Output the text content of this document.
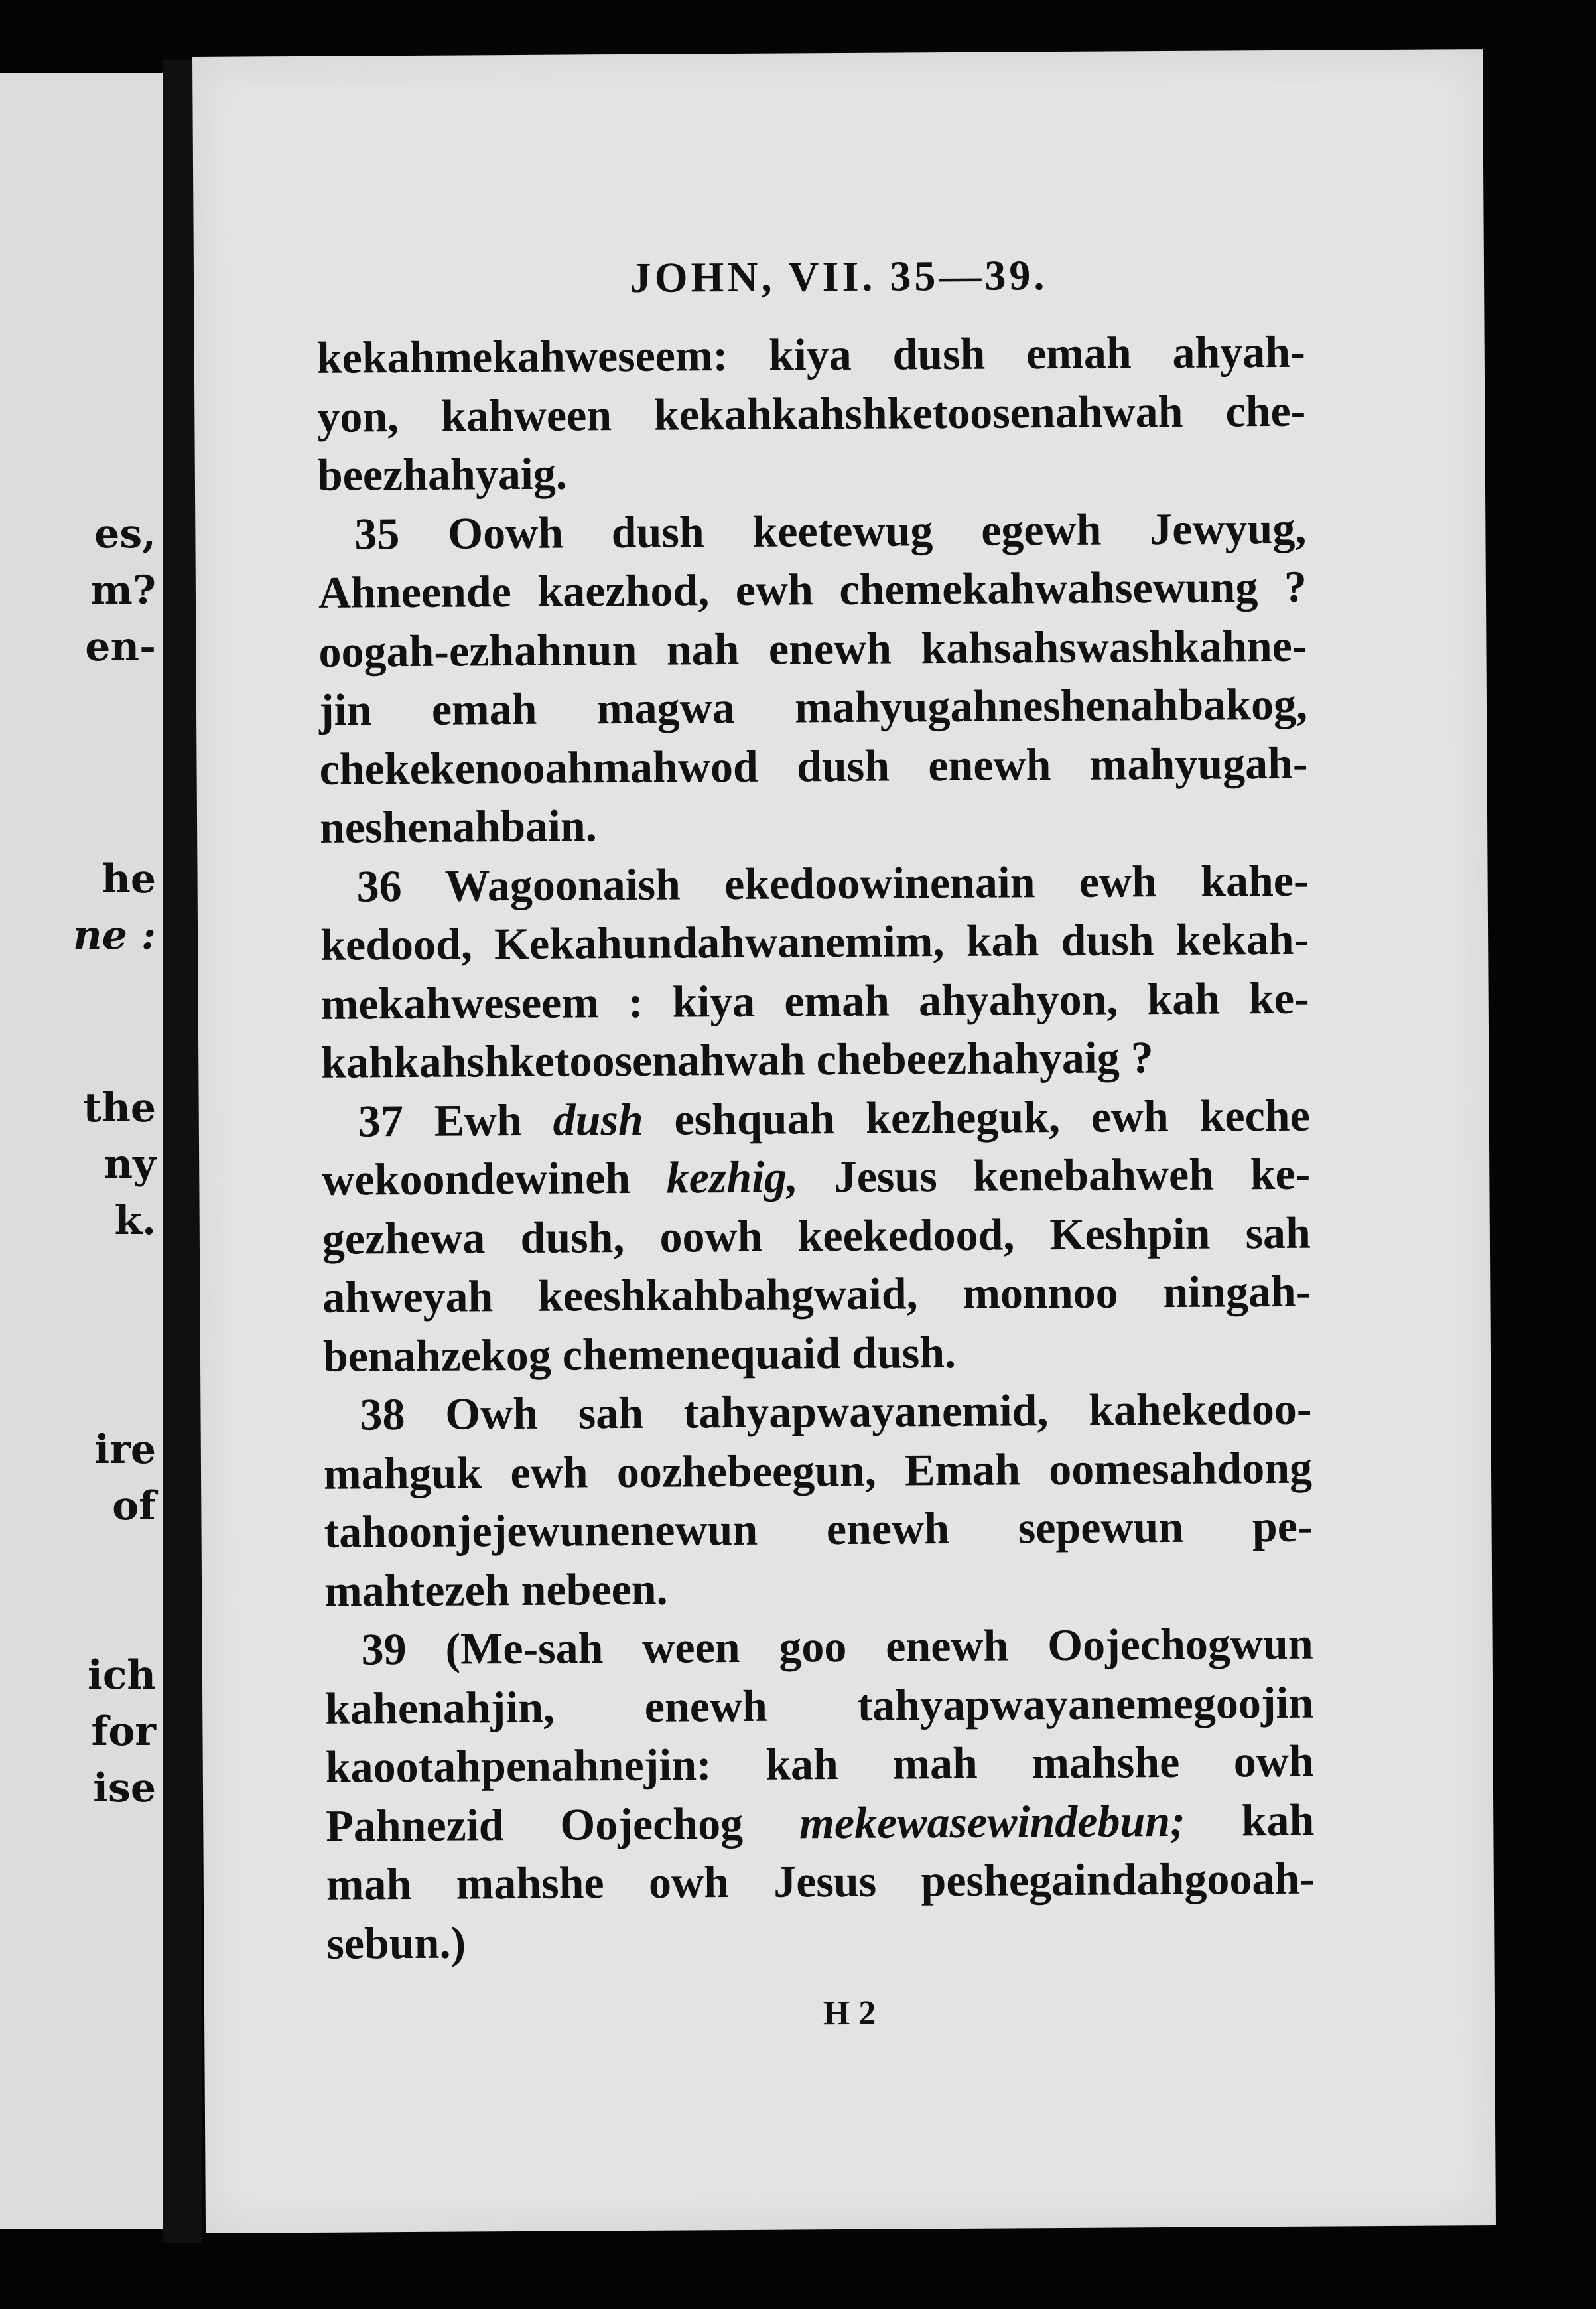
es,
m?
en-
he
ne :
the
ny
k.
ire
of
ich
for
ise
JOHN, VII. 35—39.
kekahmekahweseem: kiya dush emah ahyah-
yon, kahween kekahkahshketoosenahwah che-
beezhahyaig.
35 Oowh dush keetewug egewh Jewyug,
Ahneende kaezhod, ewh chemekahwahsewung ?
oogah-ezhahnun nah enewh kahsahswashkahne-
jin emah magwa mahyugahneshenahbakog,
chekekenooahmahwod dush enewh mahyugah-
neshenahbain.
36 Wagoonaish ekedoowinenain ewh kahe-
kedood, Kekahundahwanemim, kah dush kekah-
mekahweseem : kiya emah ahyahyon, kah ke-
kahkahshketoosenahwah chebeezhahyaig ?
37 Ewh dush eshquah kezheguk, ewh keche
wekoondewineh kezhig, Jesus kenebahweh ke-
gezhewa dush, oowh keekedood, Keshpin sah
ahweyah keeshkahbahgwaid, monnoo ningah-
benahzekog chemenequaid dush.
38 Owh sah tahyapwayanemid, kahekedoo-
mahguk ewh oozhebeegun, Emah oomesahdong
tahoonjejewunenewun enewh sepewun pe-
mahtezeh nebeen.
39 (Me-sah ween goo enewh Oojechogwun
kahenahjin, enewh tahyapwayanemegoojin
kaootahpenahnejin: kah mah mahshe owh
Pahnezid Oojechog mekewasewindebun; kah
mah mahshe owh Jesus peshegaindahgooah-
sebun.)
H 2
